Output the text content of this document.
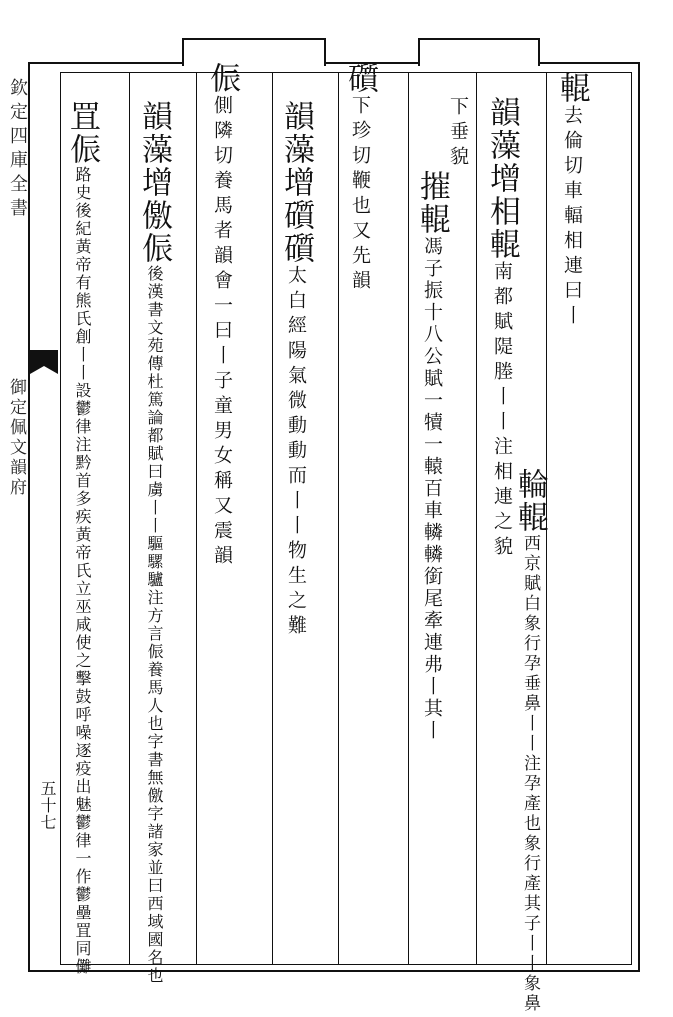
欽定四庫全書
御定佩文韻府
五十七
輥去倫切車輻相連曰丨
韻藻增相輥南都賦隄塍丨丨注相連之貌 輪輥西京賦白象行孕垂鼻丨丨注孕產也象行產其子丨丨象鼻
下垂貌
摧輥馮子振十八公賦一犢一轅百車轔轔銜尾牽連弗丨其丨
礩下珍切鞭也又先韻
韻藻增礩礩太白經陽氣微動動而丨丨物生之難
侲側隣切養馬者韻會一曰丨子童男女稱又震韻
韻藻增儌侲後漢書文苑傳杜篤論都賦曰虜丨丨驅騾驢注方言侲養馬人也字書無儌字諸家並曰西域國名也
罝侲路史後紀黃帝有熊氏創丨丨設鬱律注黔首多疾黃帝氏立巫咸使之擊鼓呼噪逐疫出魅鬱律一作鬱壘罝同儺
